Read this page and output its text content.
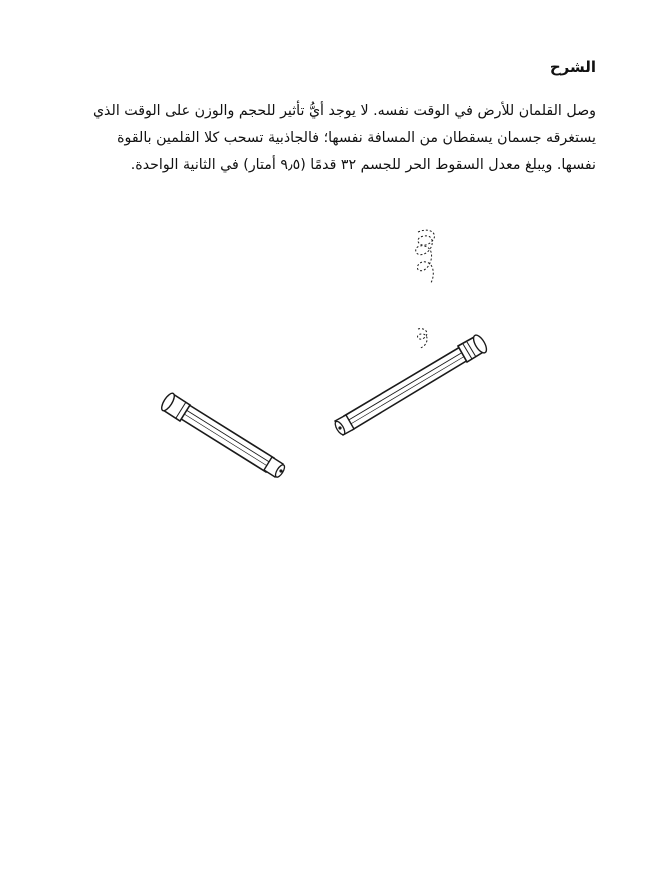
الشرح
وصل القلمان للأرض في الوقت نفسه. لا يوجد أيُّ تأثير للحجم والوزن على الوقت الذي
يستغرقه جسمان يسقطان من المسافة نفسها؛ فالجاذبية تسحب كلا القلمين بالقوة
نفسها. ويبلغ معدل السقوط الحر للجسم ٣٢ قدمًا (٩٫٥ أمتار) في الثانية الواحدة.
